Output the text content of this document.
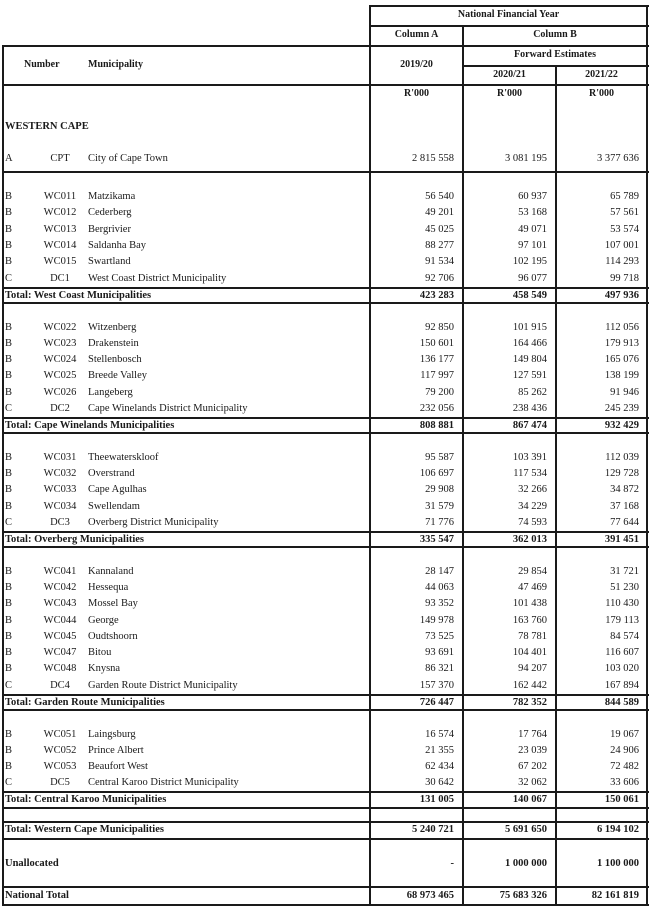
National Financial Year
Column A	Column B
Number	Municipality	2019/20
Forward Estimates
2020/21	2021/22
R'000	R'000	R'000
WESTERN CAPE
A	CPT	City of Cape Town	2 815 558	3 081 195	3 377 636
B	WC011	Matzikama	56 540	60 937	65 789
B	WC012	Cederberg	49 201	53 168	57 561
B	WC013	Bergrivier	45 025	49 071	53 574
B	WC014	Saldanha Bay	88 277	97 101	107 001
B	WC015	Swartland	91 534	102 195	114 293
C	DC1	West Coast District Municipality	92 706	96 077	99 718
Total: West Coast Municipalities	423 283	458 549	497 936
B	WC022	Witzenberg	92 850	101 915	112 056
B	WC023	Drakenstein	150 601	164 466	179 913
B	WC024	Stellenbosch	136 177	149 804	165 076
B	WC025	Breede Valley	117 997	127 591	138 199
B	WC026	Langeberg	79 200	85 262	91 946
C	DC2	Cape Winelands District Municipality	232 056	238 436	245 239
Total: Cape Winelands Municipalities	808 881	867 474	932 429
B	WC031	Theewaterskloof	95 587	103 391	112 039
B	WC032	Overstrand	106 697	117 534	129 728
B	WC033	Cape Agulhas	29 908	32 266	34 872
B	WC034	Swellendam	31 579	34 229	37 168
C	DC3	Overberg District Municipality	71 776	74 593	77 644
Total: Overberg Municipalities	335 547	362 013	391 451
B	WC041	Kannaland	28 147	29 854	31 721
B	WC042	Hessequa	44 063	47 469	51 230
B	WC043	Mossel Bay	93 352	101 438	110 430
B	WC044	George	149 978	163 760	179 113
B	WC045	Oudtshoorn	73 525	78 781	84 574
B	WC047	Bitou	93 691	104 401	116 607
B	WC048	Knysna	86 321	94 207	103 020
C	DC4	Garden Route District Municipality	157 370	162 442	167 894
Total: Garden Route Municipalities	726 447	782 352	844 589
B	WC051	Laingsburg	16 574	17 764	19 067
B	WC052	Prince Albert	21 355	23 039	24 906
B	WC053	Beaufort West	62 434	67 202	72 482
C	DC5	Central Karoo District Municipality	30 642	32 062	33 606
Total: Central Karoo Municipalities	131 005	140 067	150 061
Total: Western Cape Municipalities	5 240 721	5 691 650	6 194 102
Unallocated	-	1 000 000	1 100 000
National Total	68 973 465	75 683 326	82 161 819
